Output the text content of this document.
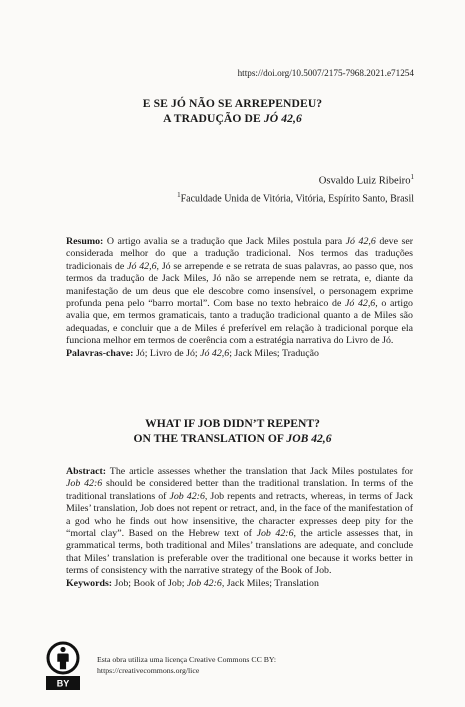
https://doi.org/10.5007/2175-7968.2021.e71254
E SE JÓ NÃO SE ARREPENDEU?
A TRADUÇÃO DE JÓ 42,6
Osvaldo Luiz Ribeiro$^1$
$^1$Faculdade Unida de Vitória, Vitória, Espírito Santo, Brasil

Resumo: O artigo avalia se a tradução que Jack Miles postula para Jó 42,6 deve ser considerada melhor do que a tradução tradicional. Nos termos das traduções tradicionais de Jó 42,6, Jó se arrepende e se retrata de suas palavras, ao passo que, nos termos da tradução de Jack Miles, Jó não se arrepende nem se retrata, e, diante da manifestação de um deus que ele descobre como insensível, o personagem exprime profunda pena pelo “barro mortal”. Com base no texto hebraico de Jó 42,6, o artigo avalia que, em termos gramaticais, tanto a tradução tradicional quanto a de Miles são adequadas, e concluir que a de Miles é preferível em relação à tradicional porque ela funciona melhor em termos de coerência com a estratégia narrativa do Livro de Jó.

Palavras-chave: Jó; Livro de Jó; Jó 42,6; Jack Miles; Tradução

WHAT IF JOB DIDN’T REPENT?
ON THE TRANSLATION OF JOB 42,6

Abstract: The article assesses whether the translation that Jack Miles postulates for Job 42:6 should be considered better than the traditional translation. In terms of the traditional translations of Job 42:6, Job repents and retracts, whereas, in terms of Jack Miles’ translation, Job does not repent or retract, and, in the face of the manifestation of a god who he finds out how insensitive, the character expresses deep pity for the “mortal clay”. Based on the Hebrew text of Job 42:6, the article assesses that, in grammatical terms, both traditional and Miles’ translations are adequate, and conclude that Miles’ translation is preferable over the traditional one because it works better in terms of consistency with the narrative strategy of the Book of Job.

Keywords: Job; Book of Job; Job 42:6, Jack Miles; Translation

BY
Esta obra utiliza uma licença Creative Commons CC BY:
https://creativecommons.org/lice
